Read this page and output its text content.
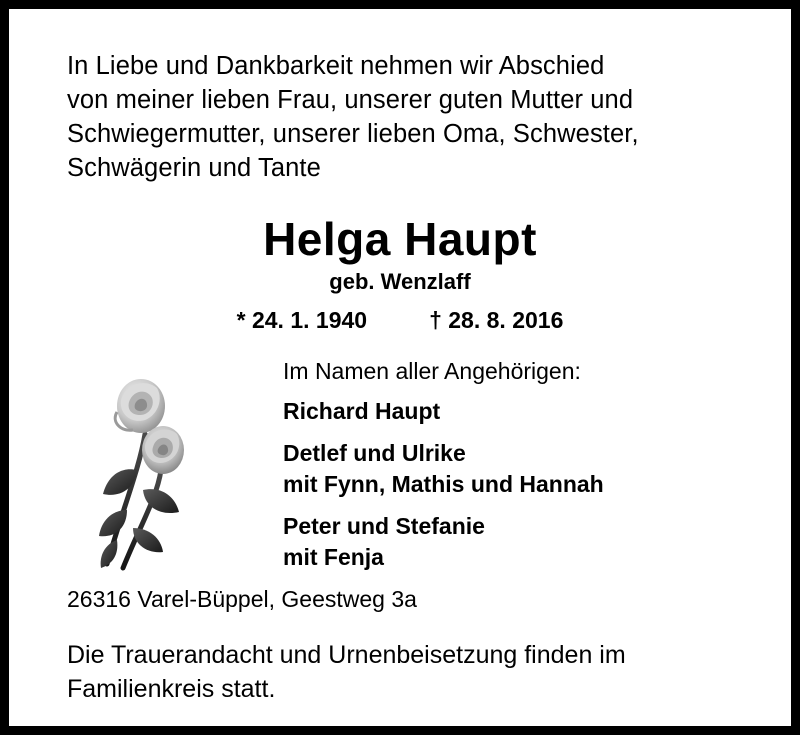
In Liebe und Dankbarkeit nehmen wir Abschied
von meiner lieben Frau, unserer guten Mutter und
Schwiegermutter, unserer lieben Oma, Schwester,
Schwägerin und Tante
Helga Haupt
geb. Wenzlaff
* 24. 1. 1940	† 28. 8. 2016
Im Namen aller Angehörigen:
Richard Haupt
Detlef und Ulrike
mit Fynn, Mathis und Hannah
Peter und Stefanie
mit Fenja
26316 Varel-Büppel, Geestweg 3a
Die Trauerandacht und Urnenbeisetzung finden im
Familienkreis statt.
